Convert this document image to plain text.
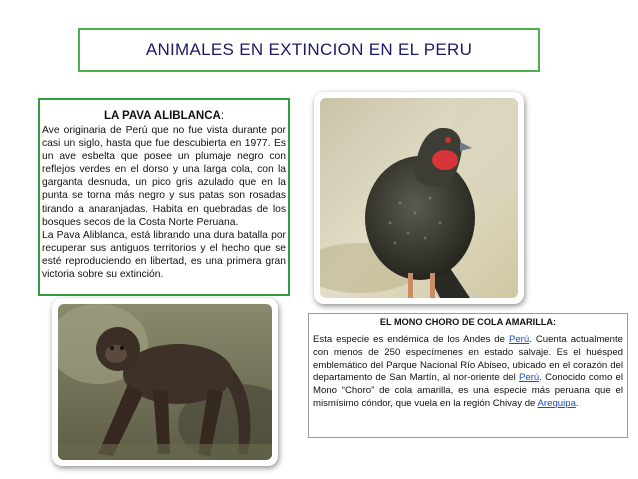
ANIMALES EN EXTINCION EN EL PERU
LA PAVA ALIBLANCA:

Ave originaria de Perú que no fue vista durante por casi un siglo, hasta que fue descubierta en 1977. Es un ave esbelta que posee un plumaje negro con reflejos verdes en el dorso y una larga cola, con la garganta desnuda, un pico gris azulado que en la punta se torna más negro y sus patas son rosadas tirando a anaranjadas. Habita en quebradas de los bosques secos de la Costa Norte Peruana.

La Pava Aliblanca, está librando una dura batalla por recuperar sus antiguos territorios y el hecho que se esté reproduciendo en libertad, es una primera gran victoria sobre su extinción.

EL MONO CHORO DE COLA AMARILLA:

Esta especie es endémica de los Andes de Perú. Cuenta actualmente con menos de 250 especímenes en estado salvaje. Es el huésped emblemático del Parque Nacional Río Abiseo, ubicado en el corazón del departamento de San Martín, al nor-oriente del Perú. Conocido como el Mono “Choro” de cola amarilla, es una especie más peruana que el mismísimo cóndor, que vuela en la región Chivay de Arequipa.
